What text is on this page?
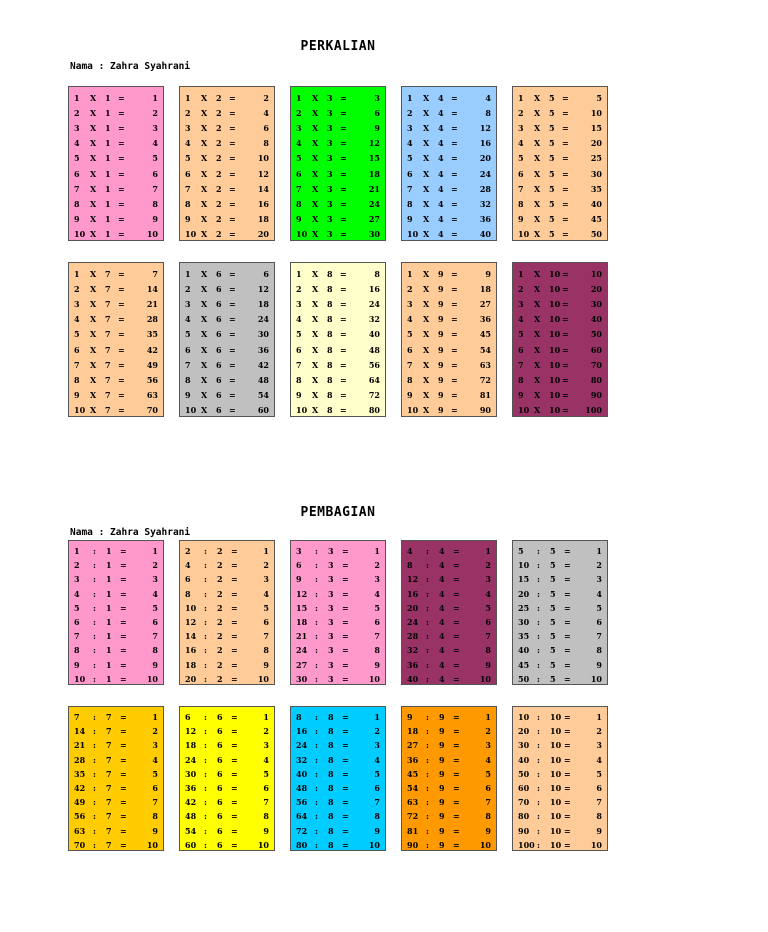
PERKALIAN
Nama : Zahra Syahrani
1	X	1 =	1
2	X	1 =	2
3	X	1 =	3
4	X	1 =	4
5	X	1 =	5
6	X	1 =	6
7	X	1 =	7
8	X	1 =	8
9	X	1 =	9
10 X	1 =	10
1	X	2 =	2
2	X	2 =	4
3	X	2 =	6
4	X	2 =	8
5	X	2 =	10
6	X	2 =	12
7	X	2 =	14
8	X	2 =	16
9	X	2 =	18
10 X	2 =	20
1	X	3 =	3
2	X	3 =	6
3	X	3 =	9
4	X	3 =	12
5	X	3 =	15
6	X	3 =	18
7	X	3 =	21
8	X	3 =	24
9	X	3 =	27
10 X	3 =	30
1	X	4 =	4
2	X	4 =	8
3	X	4 =	12
4	X	4 =	16
5	X	4 =	20
6	X	4 =	24
7	X	4 =	28
8	X	4 =	32
9	X	4 =	36
10 X	4 =	40
1	X	5 =	5
2	X	5 =	10
3	X	5 =	15
4	X	5 =	20
5	X	5 =	25
6	X	5 =	30
7	X	5 =	35
8	X	5 =	40
9	X	5 =	45
10 X	5 =	50
1	X	7 =	7
2	X	7 =	14
3	X	7 =	21
4	X	7 =	28
5	X	7 =	35
6	X	7 =	42
7	X	7 =	49
8	X	7 =	56
9	X	7 =	63
10 X	7 =	70
1	X	6 =	6
2	X	6 =	12
3	X	6 =	18
4	X	6 =	24
5	X	6 =	30
6	X	6 =	36
7	X	6 =	42
8	X	6 =	48
9	X	6 =	54
10 X	6 =	60
1	X	8 =	8
2	X	8 =	16
3	X	8 =	24
4	X	8 =	32
5	X	8 =	40
6	X	8 =	48
7	X	8 =	56
8	X	8 =	64
9	X	8 =	72
10 X	8 =	80
1	X	9 =	9
2	X	9 =	18
3	X	9 =	27
4	X	9 =	36
5	X	9 =	45
6	X	9 =	54
7	X	9 =	63
8	X	9 =	72
9	X	9 =	81
10 X	9 =	90
1	X	10 =	10
2	X	10 =	20
3	X	10 =	30
4	X	10 =	40
5	X	10 =	50
6	X	10 =	60
7	X	10 =	70
8	X	10 =	80
9	X	10 =	90
10 X	10 =	100
PEMBAGIAN
Nama : Zahra Syahrani
1	:	1	=	1
2	:	1	=	2
3	:	1	=	3
4	:	1	=	4
5	:	1	=	5
6	:	1	=	6
7	:	1	=	7
8	:	1	=	8
9	:	1	=	9
10 :	1	=	10
2	:	2	=	1
4	:	2	=	2
6	:	2	=	3
8	:	2	=	4
10 :	2	=	5
12 :	2	=	6
14 :	2	=	7
16 :	2	=	8
18 :	2	=	9
20 :	2	=	10
3	:	3	=	1
6	:	3	=	2
9	:	3	=	3
12 :	3	=	4
15 :	3	=	5
18 :	3	=	6
21 :	3	=	7
24 :	3	=	8
27 :	3	=	9
30 :	3	=	10
4	:	4	=	1
8	:	4	=	2
12 :	4	=	3
16 :	4	=	4
20 :	4	=	5
24 :	4	=	6
28 :	4	=	7
32 :	4	=	8
36 :	4	=	9
40 :	4	=	10
5	:	5	=	1
10 :	5	=	2
15 :	5	=	3
20 :	5	=	4
25 :	5	=	5
30 :	5	=	6
35 :	5	=	7
40 :	5	=	8
45 :	5	=	9
50 :	5	=	10
7	:	7	=	1
14 :	7	=	2
21 :	7	=	3
28 :	7	=	4
35 :	7	=	5
42 :	7	=	6
49 :	7	=	7
56 :	7	=	8
63 :	7	=	9
70 :	7	=	10
6	:	6	=	1
12 :	6	=	2
18 :	6	=	3
24 :	6	=	4
30 :	6	=	5
36 :	6	=	6
42 :	6	=	7
48 :	6	=	8
54 :	6	=	9
60 :	6	=	10
8	:	8	=	1
16 :	8	=	2
24 :	8	=	3
32 :	8	=	4
40 :	8	=	5
48 :	8	=	6
56 :	8	=	7
64 :	8	=	8
72 :	8	=	9
80 :	8	=	10
9	:	9	=	1
18 :	9	=	2
27 :	9	=	3
36 :	9	=	4
45 :	9	=	5
54 :	9	=	6
63 :	9	=	7
72 :	9	=	8
81 :	9	=	9
90 :	9	=	10
10 :	10 =	1
20 :	10 =	2
30 :	10 =	3
40 :	10 =	4
50 :	10 =	5
60 :	10 =	6
70 :	10 =	7
80 :	10 =	8
90 :	10 =	9
100 :	10 =	10
